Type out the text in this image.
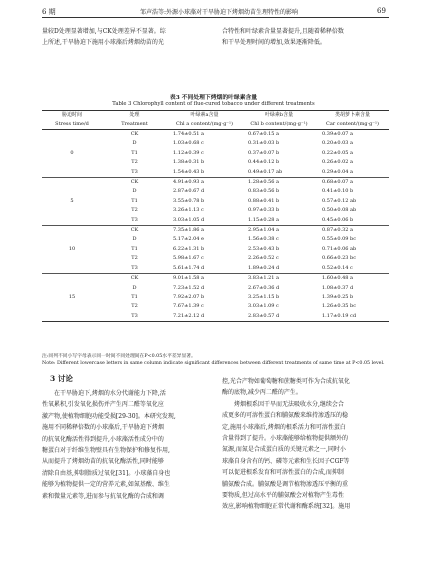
6 期	邹声浩等:外源小球藻对干旱胁迫下烤烟幼苗生理特性的影响	69
量较D处理显著增加,与CK处理差异不显著。综
上所述,干旱胁迫下施用小球藻后烤烟幼苗的光
合特性和叶绿素含量显著提升,且随着稀释倍数
和干旱处理时间的增加,效果逐渐降低。
表3 不同处理下烤烟的叶绿素含量
Table 3 Chlorophyll content of flue-cured tobacco under different treatments
胁迫时间	处理	叶绿素a含量	叶绿素b含量	类胡萝卜素含量
Stress time/d	Treatment	Chl a content/(mg·g⁻¹)	Chl b content/(mg·g⁻¹)	Car content/(mg·g⁻¹)
	CK	1.74±0.51 a	0.67±0.15 a	0.39±0.07 a
	D	1.03±0.68 c	0.31±0.03 b	0.20±0.03 a
0	T1	1.12±0.39 c	0.37±0.07 b	0.22±0.05 a
	T2	1.38±0.31 b	0.44±0.12 b	0.26±0.02 a
	T3	1.54±0.43 b	0.49±0.17 ab	0.29±0.04 a
	CK	4.91±0.93 a	1.28±0.56 a	0.68±0.07 a
	D	2.87±0.67 d	0.83±0.56 b	0.41±0.10 b
5	T1	3.55±0.78 b	0.88±0.41 b	0.57±0.12 ab
	T2	3.26±1.13 c	0.97±0.33 b	0.50±0.08 ab
	T3	3.03±1.05 d	1.15±0.28 a	0.45±0.06 b
	CK	7.35±1.86 a	2.95±1.04 a	0.87±0.32 a
	D	5.17±2.04 e	1.56±0.38 c	0.55±0.09 bc
10	T1	6.22±1.31 b	2.53±0.43 b	0.71±0.06 ab
	T2	5.98±1.67 c	2.26±0.52 c	0.66±0.23 bc
	T3	5.61±1.74 d	1.89±0.24 d	0.52±0.14 c
	CK	9.01±1.58 a	3.83±1.21 a	1.60±0.48 a
	D	7.23±1.52 d	2.67±0.36 d	1.08±0.37 d
15	T1	7.92±2.07 b	3.25±1.15 b	1.39±0.25 b
	T2	7.67±1.39 c	3.03±1.09 c	1.26±0.35 bc
	T3	7.21±2.12 d	2.83±0.57 d	1.17±0.19 cd
注:同列不同小写字母表示同一时间不同处理间在P<0.05水平差异显著。
Note: Different lowercase letters in same column indicate significant differences between different treatments of same time at P<0.05 level.
3 讨论
在干旱胁迫下,烤烟的水分代谢能力下降,活
性氧累积,引发氧化损伤并产生丙二醛等氧化应
激产物,使植物细胞功能受损[29-30]。本研究发现,
施用不同稀释倍数的小球藻后,干旱胁迫下烤烟
的抗氧化酶活性得到提升,小球藻活性成分中的
糖蛋白对于纤维生物壁具有生物保护和修复作用,
从而提升了烤烟幼苗的抗氧化酶活性,同时能够
清除自由基,抑制脂质过氧化[31]。小球藻自身也
能够为植物提供一定的营养元素,如氮基酸、维生
素和微量元素等,进而参与抗氧化酶的合成和调
控,光合产物如葡萄糖和蔗糖类可作为合成抗氧化
酶的底物,减少丙二醛的产生。
烤烟根系因干旱而无法吸收水分,继续会合
成更多的可溶性蛋白和脯氨酸来维持渗透压的稳
定,施用小球藻后,烤烟的根系活力和可溶性蛋白
含量得到了提升。小球藻能够给植物提供额外的
氮源,而氮是合成蛋白质的关键元素之一,同时小
球藻自身含有的钙、磷等元素和生长因子CGF等
可以促进根系发育和可溶性蛋白的合成,而抑制
脯氨酸合成。脯氨酸是调节植物渗透压平衡的重
要物质,但过高水平的脯氨酸会对植物产生毒性
效应,影响植物细胞正常代谢和酶系统[32]。施用
